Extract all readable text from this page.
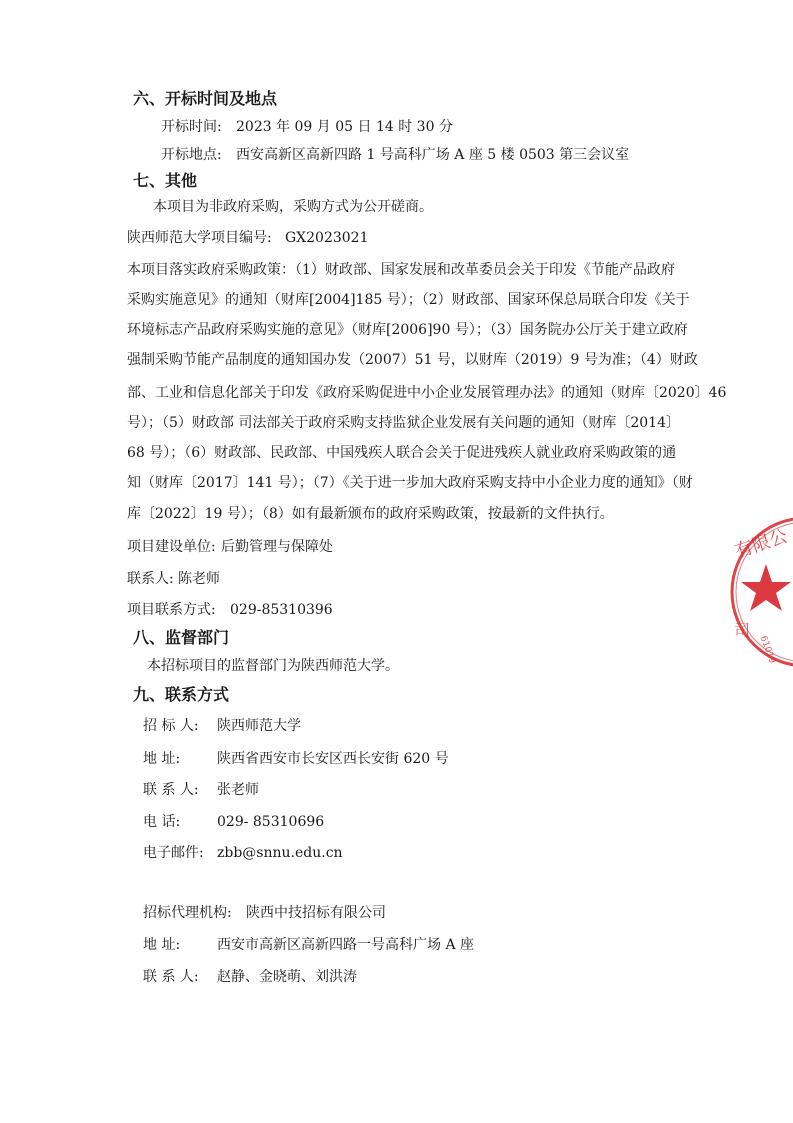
六、开标时间及地点
开标时间: 2023 年 09 月 05 日 14 时 30 分
开标地点: 西安高新区高新四路 1 号高科广场 A 座 5 楼 0503 第三会议室
七、其他
本项目为非政府采购，采购方式为公开磋商。
陕西师范大学项目编号: GX2023021
本项目落实政府采购政策：（1）财政部、国家发展和改革委员会关于印发《节能产品政府
采购实施意见》的通知（财库[2004]185 号）；（2）财政部、国家环保总局联合印发《关于
环境标志产品政府采购实施的意见》（财库[2006]90 号）；（3）国务院办公厅关于建立政府
强制采购节能产品制度的通知国办发（2007）51 号，以财库（2019）9 号为准；（4）财政
部、工业和信息化部关于印发《政府采购促进中小企业发展管理办法》的通知（财库〔2020〕46
号）；（5）财政部 司法部关于政府采购支持监狱企业发展有关问题的通知（财库〔2014〕
68 号）；（6）财政部、民政部、中国残疾人联合会关于促进残疾人就业政府采购政策的通
知（财库〔2017〕141 号）；（7）《关于进一步加大政府采购支持中小企业力度的通知》（财
库〔2022〕19 号）；（8）如有最新颁布的政府采购政策，按最新的文件执行。
项目建设单位: 后勤管理与保障处
联系人: 陈老师
项目联系方式: 029-85310396
八、监督部门
本招标项目的监督部门为陕西师范大学。
九、联系方式
招 标 人: 陕西师范大学
地 址:	陕西省西安市长安区西长安街 620 号
联 系 人: 张老师
电 话:	029- 85310696
电子邮件: zbb@snnu.edu.cn
招标代理机构: 陕西中技招标有限公司
地 址:	西安市高新区高新四路一号高科广场 A 座
联 系 人: 赵静、金晓萌、刘洪涛
有限公
61019
司
